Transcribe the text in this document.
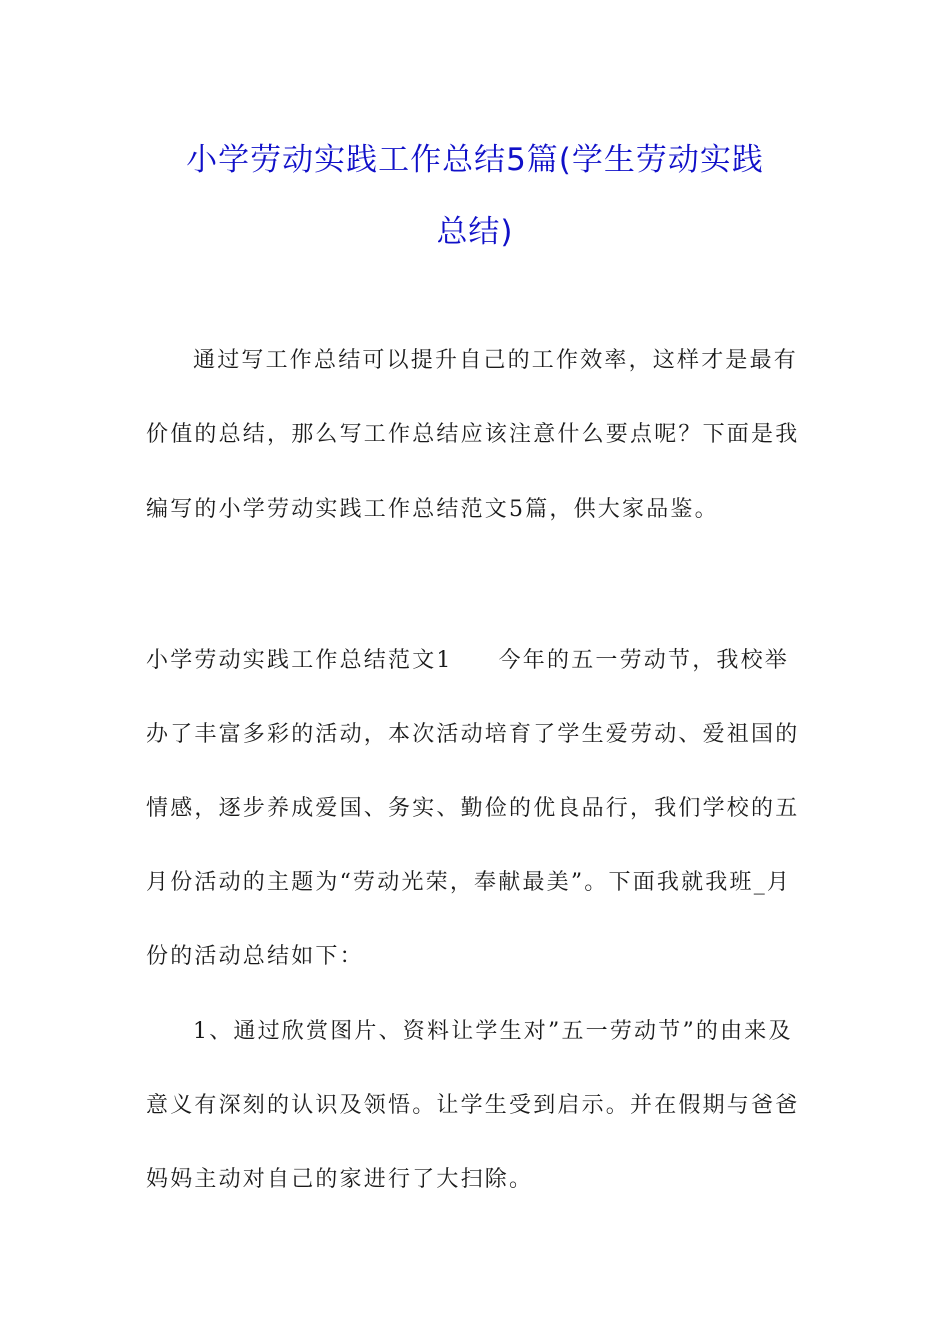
小学劳动实践工作总结5篇(学生劳动实践
总结)
通过写工作总结可以提升自己的工作效率，这样才是最有
价值的总结，那么写工作总结应该注意什么要点呢？下面是我
编写的小学劳动实践工作总结范文5篇，供大家品鉴。
小学劳动实践工作总结范文1 今年的五一劳动节，我校举
办了丰富多彩的活动，本次活动培育了学生爱劳动、爱祖国的
情感，逐步养成爱国、务实、勤俭的优良品行，我们学校的五
月份活动的主题为“劳动光荣，奉献最美”。下面我就我班_月
份的活动总结如下：
1、通过欣赏图片、资料让学生对”五一劳动节”的由来及
意义有深刻的认识及领悟。让学生受到启示。并在假期与爸爸
妈妈主动对自己的家进行了大扫除。
